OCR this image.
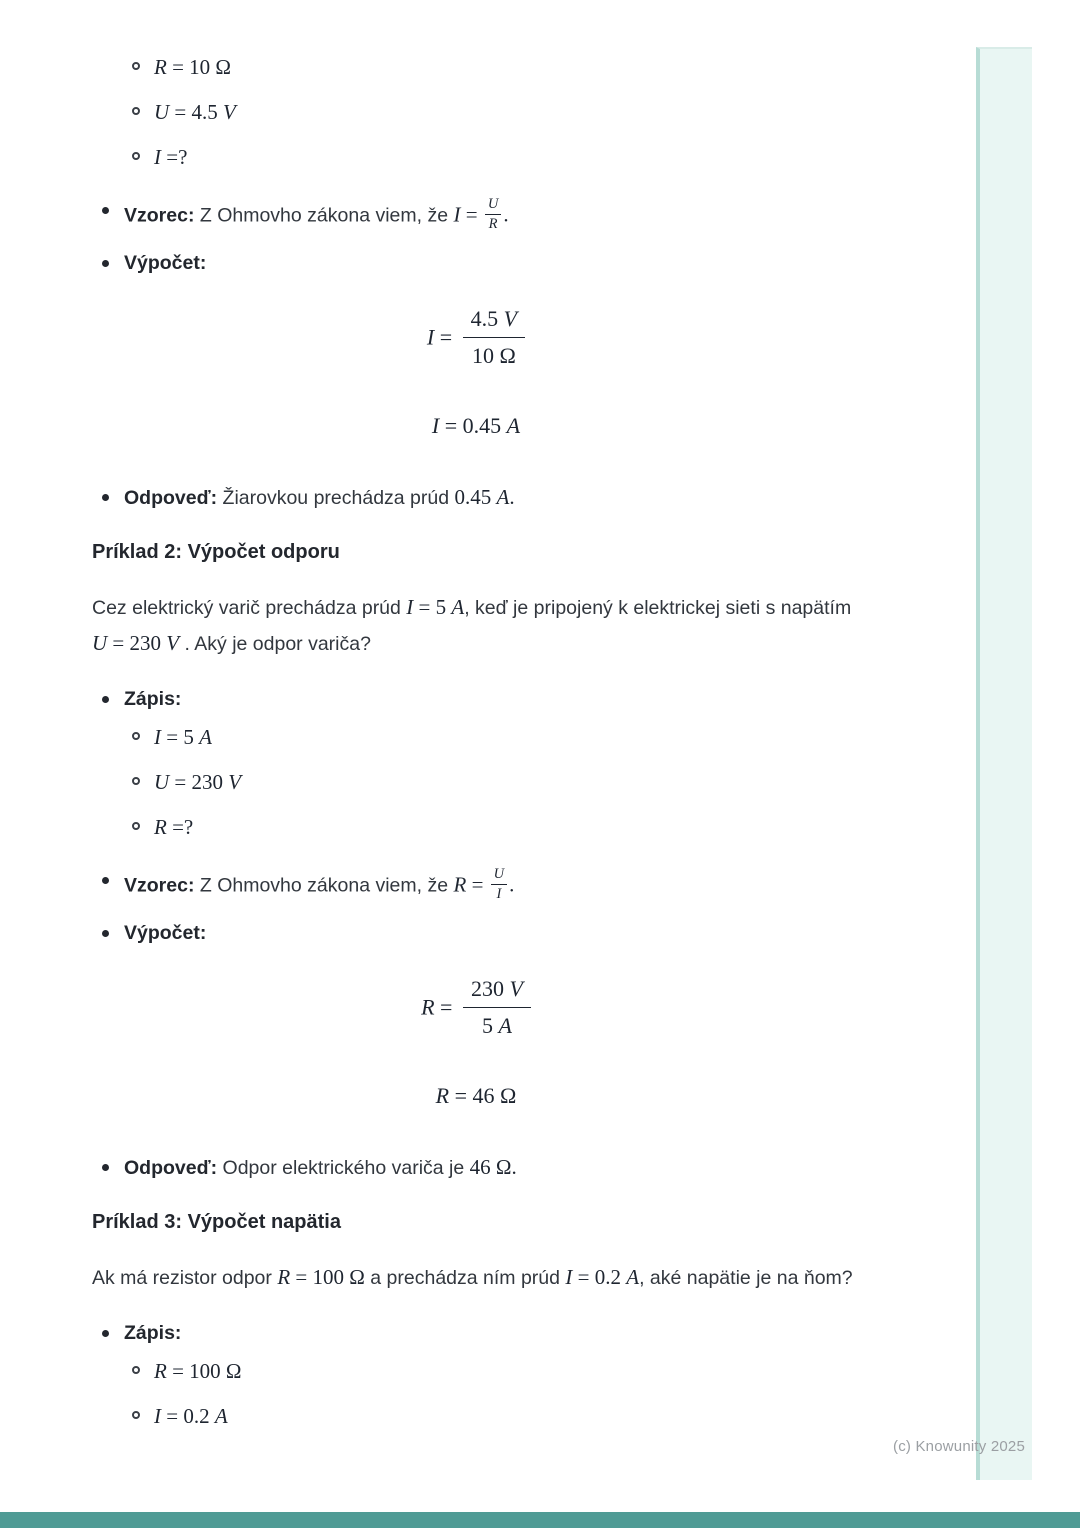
(c) Knowunity 2025
R = 10 Ω
U = 4.5 V
I =?
Vzorec: Z Ohmovho zákona viem, že $I = \frac{U}{R}$ .
Výpočet:
$I = \frac{4.5 V}{10 \Omega}$
I = 0.45 A
Odpoveď: Žiarovkou prechádza prúd 0.45 A.
Príklad 2: Výpočet odporu

Cez elektrický varič prechádza prúd I = 5 A, keď je pripojený k elektrickej sieti s napätím U = 230 V . Aký je odpor variča?

Zápis:
I = 5 A
U = 230 V
R =?
Vzorec: Z Ohmovho zákona viem, že $R = \frac{U}{I}$ .
Výpočet:
$R = \frac{230 V}{5 A}$
R = 46 Ω
Odpoveď: Odpor elektrického variča je 46 Ω.
Príklad 3: Výpočet napätia

Ak má rezistor odpor R = 100 Ω a prechádza ním prúd I = 0.2 A, aké napätie je na ňom?

Zápis:
R = 100 Ω
I = 0.2 A
